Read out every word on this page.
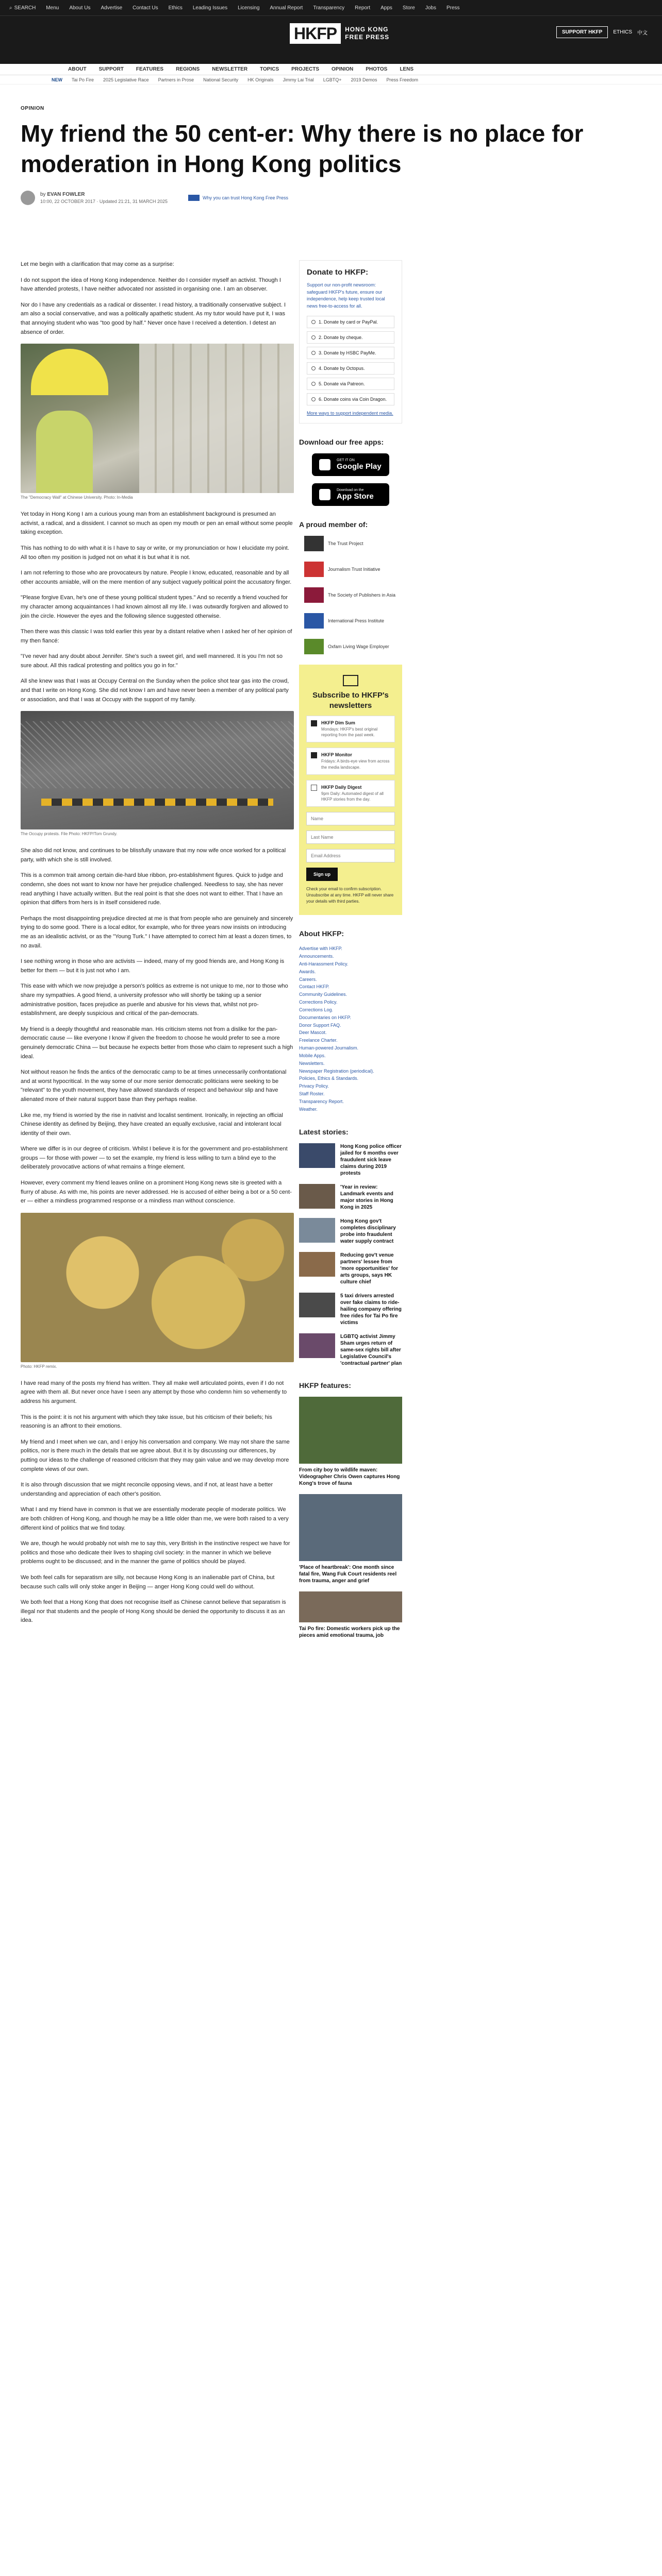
⌕ SEARCH Menu About Us Advertise Contact Us Ethics Leading Issues Licensing Annual Report Transparency Report Apps Store Jobs Press
HKFP	HONG KONG
FREE PRESS
SUPPORT HKFP	ETHICS 中文
ABOUT SUPPORT FEATURES REGIONS NEWSLETTER TOPICS PROJECTS OPINION PHOTOS LENS
NEW Tai Po Fire 2025 Legislative Race Partners in Prose National Security HK Originals Jimmy Lai Trial LGBTQ+ 2019 Demos Press Freedom
OPINION
My friend the 50 cent-er: Why there is no place for moderation in Hong Kong politics
by EVAN FOWLER
10:00, 22 OCTOBER 2017 · Updated 21:21, 31 MARCH 2025
Why you can trust Hong Kong Free Press

Let me begin with a clarification that may come as a surprise:

I do not support the idea of Hong Kong independence. Neither do I consider myself an activist. Though I have attended protests, I have neither advocated nor assisted in organising one. I am an observer.

Nor do I have any credentials as a radical or dissenter. I read history, a traditionally conservative subject. I am also a social conservative, and was a politically apathetic student. As my tutor would have put it, I was that annoying student who was "too good by half." Never once have I received a detention. I detest an absence of order.

The "Democracy Wall" at Chinese University. Photo: In-Media

Yet today in Hong Kong I am a curious young man from an establishment background is presumed an activist, a radical, and a dissident. I cannot so much as open my mouth or pen an email without some people taking exception.

This has nothing to do with what it is I have to say or write, or my pronunciation or how I elucidate my point. All too often my position is judged not on what it is but what it is not.

I am not referring to those who are provocateurs by nature. People I know, educated, reasonable and by all other accounts amiable, will on the mere mention of any subject vaguely political point the accusatory finger.

"Please forgive Evan, he's one of these young political student types." And so recently a friend vouched for my character among acquaintances I had known almost all my life. I was outwardly forgiven and allowed to join the circle. However the eyes and the following silence suggested otherwise.

Then there was this classic I was told earlier this year by a distant relative when I asked her of her opinion of my then fiancé:

"I've never had any doubt about Jennifer. She's such a sweet girl, and well mannered. It is you I'm not so sure about. All this radical protesting and politics you go in for."

All she knew was that I was at Occupy Central on the Sunday when the police shot tear gas into the crowd, and that I write on Hong Kong. She did not know I am and have never been a member of any political party or association, and that I was at Occupy with the support of my family.

The Occupy protests. File Photo: HKFP/Tom Grundy.

She also did not know, and continues to be blissfully unaware that my now wife once worked for a political party, with which she is still involved.

This is a common trait among certain die-hard blue ribbon, pro-establishment figures. Quick to judge and condemn, she does not want to know nor have her prejudice challenged. Needless to say, she has never read anything I have actually written. But the real point is that she does not want to either. That I have an opinion that differs from hers is in itself considered rude.

Perhaps the most disappointing prejudice directed at me is that from people who are genuinely and sincerely trying to do some good. There is a local editor, for example, who for three years now insists on introducing me as an idealistic activist, or as the "Young Turk." I have attempted to correct him at least a dozen times, to no avail.

I see nothing wrong in those who are activists — indeed, many of my good friends are, and Hong Kong is better for them — but it is just not who I am.

This ease with which we now prejudge a person's politics as extreme is not unique to me, nor to those who share my sympathies. A good friend, a university professor who will shortly be taking up a senior administrative position, faces prejudice as puerile and abusive for his views that, whilst not pro-establishment, are deeply suspicious and critical of the pan-democrats.

My friend is a deeply thoughtful and reasonable man. His criticism stems not from a dislike for the pan-democratic cause — like everyone I know if given the freedom to choose he would prefer to see a more genuinely democratic China — but because he expects better from those who claim to represent such a high ideal.

Not without reason he finds the antics of the democratic camp to be at times unnecessarily confrontational and at worst hypocritical. In the way some of our more senior democratic politicians were seeking to be "relevant" to the youth movement, they have allowed standards of respect and behaviour slip and have alienated more of their natural support base than they perhaps realise.

Like me, my friend is worried by the rise in nativist and localist sentiment. Ironically, in rejecting an official Chinese identity as defined by Beijing, they have created an equally exclusive, racial and intolerant local identity of their own.

Where we differ is in our degree of criticism. Whilst I believe it is for the government and pro-establishment groups — for those with power — to set the example, my friend is less willing to turn a blind eye to the deliberately provocative actions of what remains a fringe element.

However, every comment my friend leaves online on a prominent Hong Kong news site is greeted with a flurry of abuse. As with me, his points are never addressed. He is accused of either being a bot or a 50 cent-er — either a mindless programmed response or a mindless man without conscience.

Photo: HKFP remix.

I have read many of the posts my friend has written. They all make well articulated points, even if I do not agree with them all. But never once have I seen any attempt by those who condemn him so vehemently to address his argument.

This is the point: it is not his argument with which they take issue, but his criticism of their beliefs; his reasoning is an affront to their emotions.

My friend and I meet when we can, and I enjoy his conversation and company. We may not share the same politics, nor is there much in the details that we agree about. But it is by discussing our differences, by putting our ideas to the challenge of reasoned criticism that they may gain value and we may develop more complete views of our own.

It is also through discussion that we might reconcile opposing views, and if not, at least have a better understanding and appreciation of each other's position.

What I and my friend have in common is that we are essentially moderate people of moderate politics. We are both children of Hong Kong, and though he may be a little older than me, we were both raised to a very different kind of politics that we find today.

We are, though he would probably not wish me to say this, very British in the instinctive respect we have for politics and those who dedicate their lives to shaping civil society: in the manner in which we believe problems ought to be discussed; and in the manner the game of politics should be played.

We both feel calls for separatism are silly, not because Hong Kong is an inalienable part of China, but because such calls will only stoke anger in Beijing — anger Hong Kong could well do without.

We both feel that a Hong Kong that does not recognise itself as Chinese cannot believe that separatism is illegal nor that students and the people of Hong Kong should be denied the opportunity to discuss it as an idea.

Donate to HKFP:
Support our non-profit newsroom: safeguard HKFP's future, ensure our independence, help keep trusted local news free-to-access for all.
1. Donate by card or PayPal.
2. Donate by cheque.
3. Donate by HSBC PayMe.
4. Donate by Octopus.
5. Donate via Patreon.
6. Donate coins via Coin Dragon.
More ways to support independent media.
Download our free apps:
GET IT ON
Google Play
Download on the
App Store
A proud member of:
The Trust Project
Journalism Trust Initiative
The Society of Publishers in Asia
International Press Institute
Oxfam Living Wage Employer
Subscribe to HKFP's newsletters
HKFP Dim Sum
Mondays: HKFP's best original reporting from the past week.
HKFP Monitor
Fridays: A birds-eye view from across the media landscape.
HKFP Daily Digest
9pm Daily: Automated digest of all HKFP stories from the day.
Name Last Name Email Address Sign up
Check your email to confirm subscription. Unsubscribe at any time. HKFP will never share your details with third parties.
About HKFP:
Advertise with HKFP.
Announcements.
Anti-Harassment Policy.
Awards.
Careers.
Contact HKFP.
Community Guidelines.
Corrections Policy.
Corrections Log.
Documentaries on HKFP.
Donor Support FAQ.
Deer Mascot.
Freelance Charter.
Human-powered Journalism.
Mobile Apps.
Newsletters.
Newspaper Registration (periodical).
Policies, Ethics & Standards.
Privacy Policy.
Staff Roster.
Transparency Report.
Weather.
Latest stories:
Hong Kong police officer jailed for 6 months over fraudulent sick leave claims during 2019 protests
'Year in review: Landmark events and major stories in Hong Kong in 2025
Hong Kong gov't completes disciplinary probe into fraudulent water supply contract
Reducing gov't venue partners' lessee from 'more opportunities' for arts groups, says HK culture chief
5 taxi drivers arrested over fake claims to ride-hailing company offering free rides for Tai Po fire victims
LGBTQ activist Jimmy Sham urges return of same-sex rights bill after Legislative Council's 'contractual partner' plan
HKFP features:
From city boy to wildlife maven: Videographer Chris Owen captures Hong Kong's trove of fauna
'Place of heartbreak': One month since fatal fire, Wang Fuk Court residents reel from trauma, anger and grief
Tai Po fire: Domestic workers pick up the pieces amid emotional trauma, job
